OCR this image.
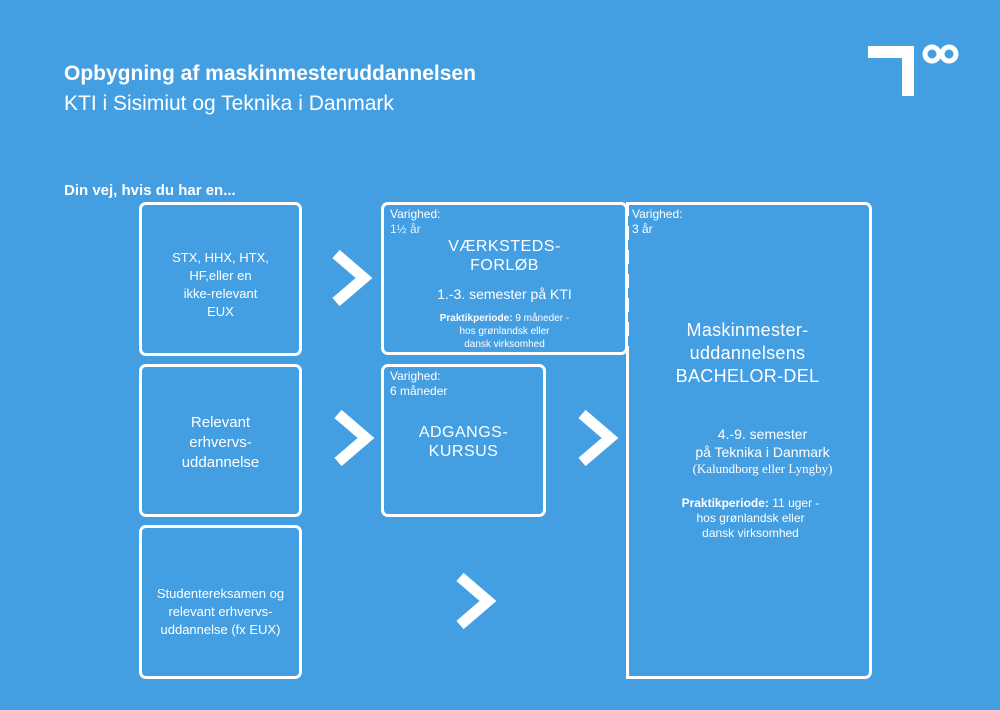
Opbygning af maskinmesteruddannelsen
KTI i Sisimiut og Teknika i Danmark
Din vej, hvis du har en...
STX, HHX, HTX,
HF,eller en
ikke-relevant
EUX
Relevant
erhvervs-
uddannelse
Studentereksamen og
relevant erhvervs-
uddannelse (fx EUX)
Varighed:
1½ år
VÆRKSTEDS-
FORLØB
1.-3. semester på KTI
Praktikperiode: 9 måneder -
hos grønlandsk eller
dansk virksomhed
Varighed:
6 måneder
ADGANGS-
KURSUS
Varighed:
3 år
Maskinmester-
uddannelsens
BACHELOR-DEL
4.-9. semester
på Teknika i Danmark
(Kalundborg eller Lyngby)
Praktikperiode: 11 uger -
hos grønlandsk eller
dansk virksomhed
